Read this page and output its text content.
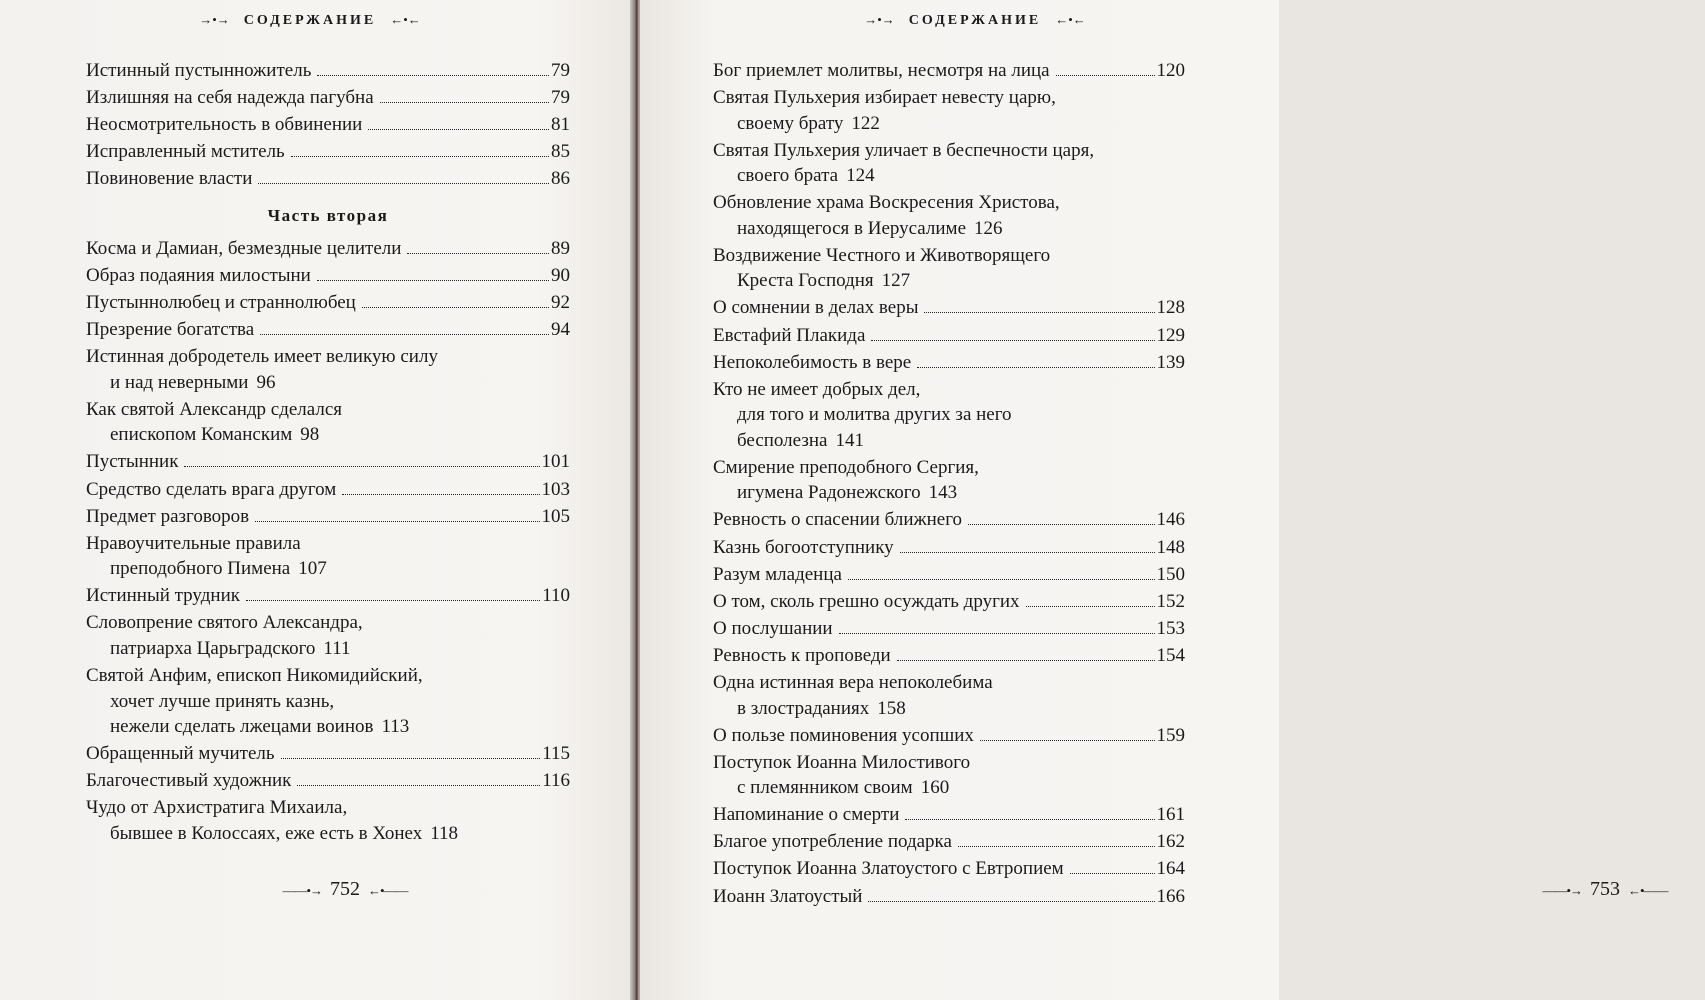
→•→ СОДЕРЖАНИЕ ←•←
Истинный пустынножитель	79
Излишняя на себя надежда пагубна	79
Неосмотрительность в обвинении	81
Исправленный мститель	85
Повиновение власти	86
Часть вторая
Косма и Дамиан, безмездные целители	89
Образ подаяния милостыни	90
Пустыннолюбец и страннолюбец	92
Презрение богатства	94
Истинная добродетель имеет великую силу
и над неверными 96
Как святой Александр сделался
епископом Команским 98
Пустынник	101
Средство сделать врага другом	103
Предмет разговоров	105
Нравоучительные правила
преподобного Пимена 107
Истинный трудник	110
Словопрение святого Александра,
патриарха Царьградского 111
Святой Анфим, епископ Никомидийский,
хочет лучше принять казнь,
нежели сделать лжецами воинов 113
Обращенный мучитель	115
Благочестивый художник	116
Чудо от Архистратига Михаила,
бывшее в Колоссаях, еже есть в Хонех 118
——•→ 752 ←•——
→•→ СОДЕРЖАНИЕ ←•←
——•→ 753 ←•——
Бог приемлет молитвы, несмотря на лица	120
Святая Пульхерия избирает невесту царю,
своему брату 122
Святая Пульхерия уличает в беспечности царя,
своего брата 124
Обновление храма Воскресения Христова,
находящегося в Иерусалиме 126
Воздвижение Честного и Животворящего
Креста Господня 127
О сомнении в делах веры	128
Евстафий Плакида	129
Непоколебимость в вере	139
Кто не имеет добрых дел,
для того и молитва других за него
бесполезна 141
Смирение преподобного Сергия,
игумена Радонежского 143
Ревность о спасении ближнего	146
Казнь богоотступнику	148
Разум младенца	150
О том, сколь грешно осуждать других	152
О послушании	153
Ревность к проповеди	154
Одна истинная вера непоколебима
в злостраданиях 158
О пользе поминовения усопших	159
Поступок Иоанна Милостивого
с племянником своим 160
Напоминание о смерти	161
Благое употребление подарка	162
Поступок Иоанна Златоустого с Евтропием	164
Иоанн Златоустый	166
